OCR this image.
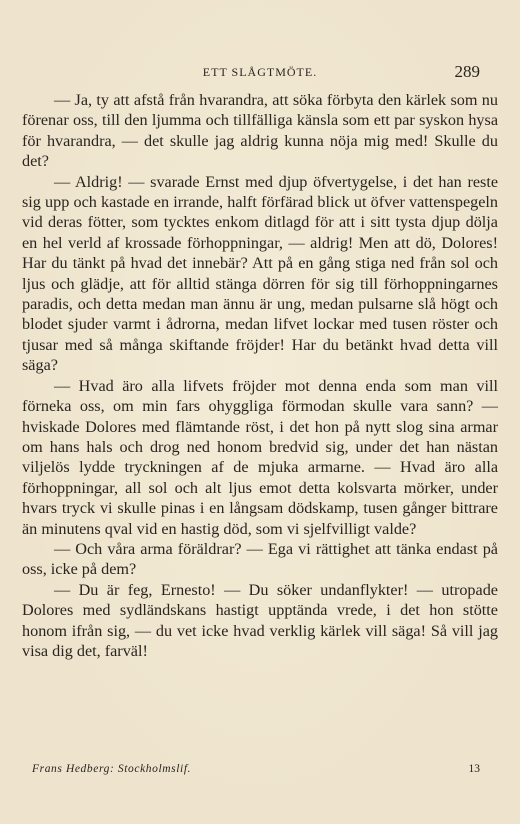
ETT SLÅGTMÖTE.	289

— Ja, ty att afstå från hvarandra, att söka förbyta den kärlek som nu förenar oss, till den ljumma och tillfälliga känsla som ett par syskon hysa för hvarandra, — det skulle jag aldrig kunna nöja mig med! Skulle du det?

— Aldrig! — svarade Ernst med djup öfvertygelse, i det han reste sig upp och kastade en irrande, halft förfärad blick ut öfver vattenspegeln vid deras fötter, som tycktes enkom ditlagd för att i sitt tysta djup dölja en hel verld af krossade förhoppningar, — aldrig! Men att dö, Dolores! Har du tänkt på hvad det innebär? Att på en gång stiga ned från sol och ljus och glädje, att för alltid stänga dörren för sig till förhoppningarnes paradis, och detta medan man ännu är ung, medan pulsarne slå högt och blodet sjuder varmt i ådrorna, medan lifvet lockar med tusen röster och tjusar med så många skiftande fröjder! Har du betänkt hvad detta vill säga?

— Hvad äro alla lifvets fröjder mot denna enda som man vill förneka oss, om min fars ohyggliga förmodan skulle vara sann? — hviskade Dolores med flämtande röst, i det hon på nytt slog sina armar om hans hals och drog ned honom bredvid sig, under det han nästan viljelös lydde tryckningen af de mjuka armarne. — Hvad äro alla förhoppningar, all sol och alt ljus emot detta kolsvarta mörker, under hvars tryck vi skulle pinas i en långsam dödskamp, tusen gånger bittrare än minutens qval vid en hastig död, som vi sjelfvilligt valde?

— Och våra arma föräldrar? — Ega vi rättighet att tänka endast på oss, icke på dem?

— Du är feg, Ernesto! — Du söker undanflykter! — utropade Dolores med sydländskans hastigt upptända vrede, i det hon stötte honom ifrån sig, — du vet icke hvad verklig kärlek vill säga! Så vill jag visa dig det, farväl!

Frans Hedberg: Stockholmslif.	13
